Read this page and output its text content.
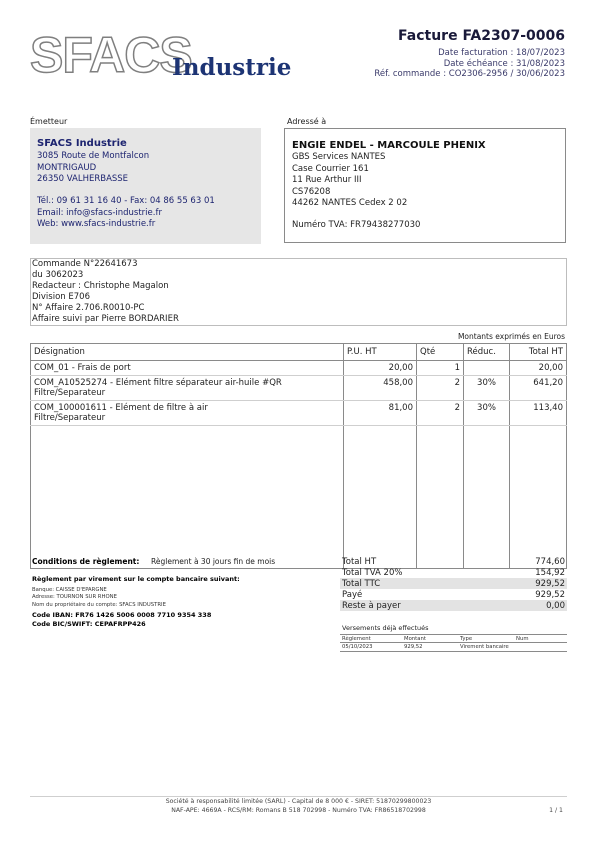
SFACS
Industrie
Facture FA2307-0006
Date facturation : 18/07/2023
Date échéance : 31/08/2023
Réf. commande : CO2306-2956 / 30/06/2023
Émetteur	Adressé à
SFACS Industrie
3085 Route de Montfalcon
MONTRIGAUD
26350 VALHERBASSE
Tél.: 09 61 31 16 40 - Fax: 04 86 55 63 01
Email: info@sfacs-industrie.fr
Web: www.sfacs-industrie.fr
ENGIE ENDEL - MARCOULE PHENIX
GBS Services NANTES
Case Courrier 161
11 Rue Arthur III
CS76208
44262 NANTES Cedex 2 02
Numéro TVA: FR79438277030
Commande N°22641673
du 3062023
Redacteur : Christophe Magalon
Division E706
N° Affaire 2.706.R0010-PC
Affaire suivi par Pierre BORDARIER
Montants exprimés en Euros
Désignation	P.U. HT	Qté	Réduc.	Total HT

COM_01 - Frais de port	20,00	1		20,00

COM_A10525274 - Elément filtre séparateur air-huile #QR
Filtre/Separateur	458,00	2	30%	641,20

COM_100001611 - Elément de filtre à air
Filtre/Separateur	81,00	2	30%	113,40

Conditions de règlement: Règlement à 30 jours fin de mois
Règlement par virement sur le compte bancaire suivant:
Banque: CAISSE D'EPARGNE
Adresse: TOURNON SUR RHONE
Nom du propriétaire du compte: SFACS INDUSTRIE
Code IBAN: FR76 1426 5006 0008 7710 9354 338
Code BIC/SWIFT: CEPAFRPP426
Total HT	774,60
Total TVA 20%	154,92
Total TTC	929,52
Payé	929,52
Reste à payer	0,00
Versements déjà effectués
Règlement	Montant	Type	Num
05/10/2023	929,52	Virement bancaire	
Société à responsabilité limitée (SARL) - Capital de 8 000 € - SIRET: 51870299800023
NAF-APE: 4669A - RCS/RM: Romans B 518 702998 - Numéro TVA: FR86518702998	1 / 1
